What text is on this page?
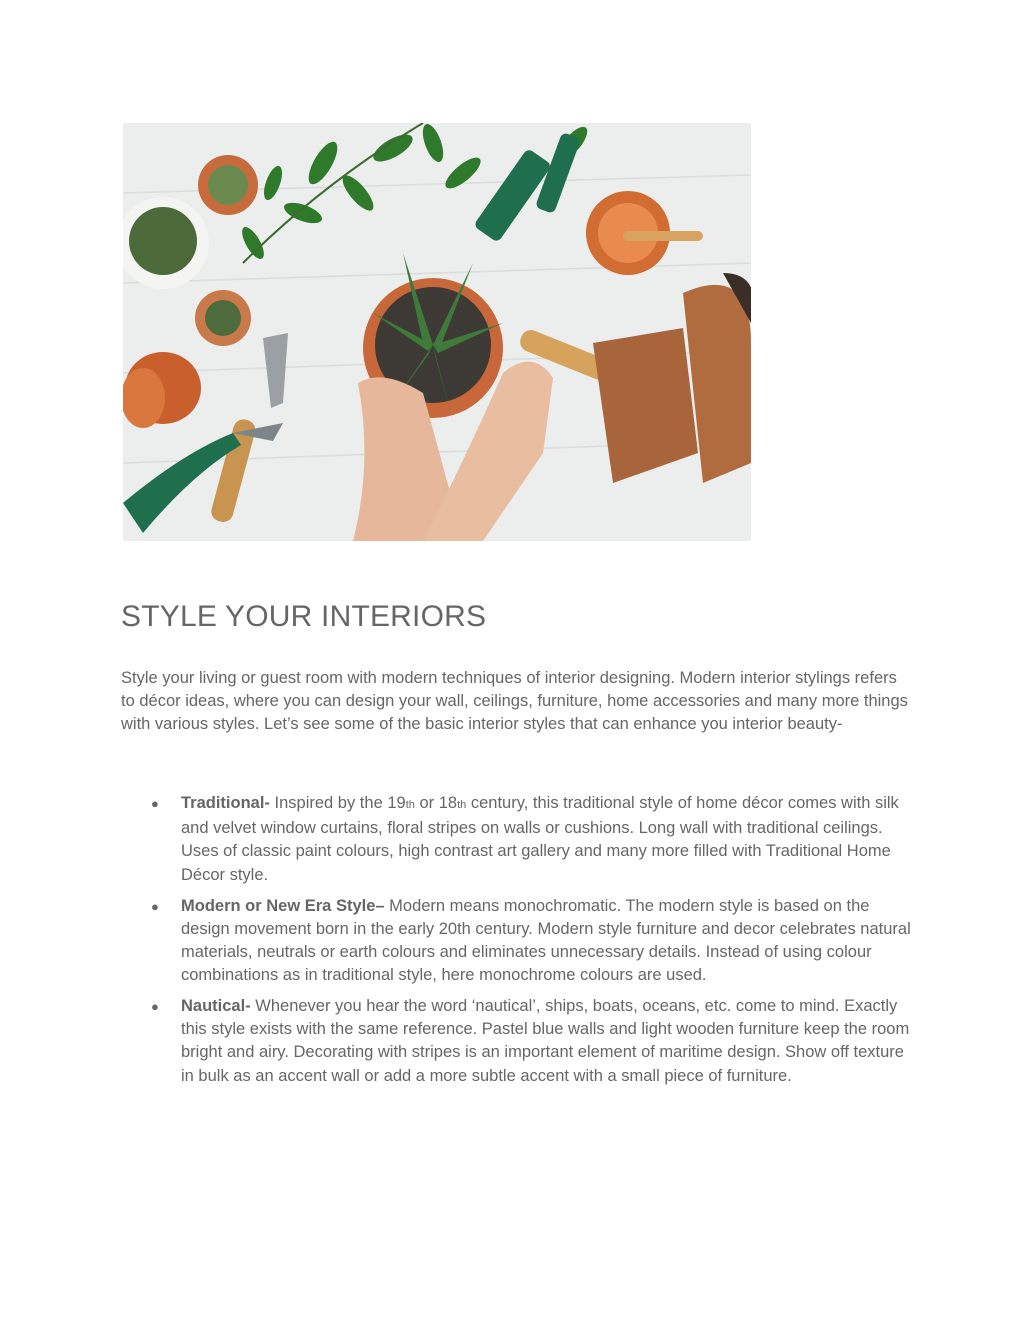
STYLE YOUR INTERIORS

Style your living or guest room with modern techniques of interior designing. Modern interior stylings refers to décor ideas, where you can design your wall, ceilings, furniture, home accessories and many more things with various styles. Let’s see some of the basic interior styles that can enhance you interior beauty-

● Traditional- Inspired by the 19th or 18th century, this traditional style of home décor comes with silk and velvet window curtains, floral stripes on walls or cushions. Long wall with traditional ceilings. Uses of classic paint colours, high contrast art gallery and many more filled with Traditional Home Décor style.
● Modern or New Era Style– Modern means monochromatic. The modern style is based on the design movement born in the early 20th century. Modern style furniture and decor celebrates natural materials, neutrals or earth colours and eliminates unnecessary details. Instead of using colour combinations as in traditional style, here monochrome colours are used.
● Nautical- Whenever you hear the word ‘nautical’, ships, boats, oceans, etc. come to mind. Exactly this style exists with the same reference. Pastel blue walls and light wooden furniture keep the room bright and airy. Decorating with stripes is an important element of maritime design. Show off texture in bulk as an accent wall or add a more subtle accent with a small piece of furniture.
